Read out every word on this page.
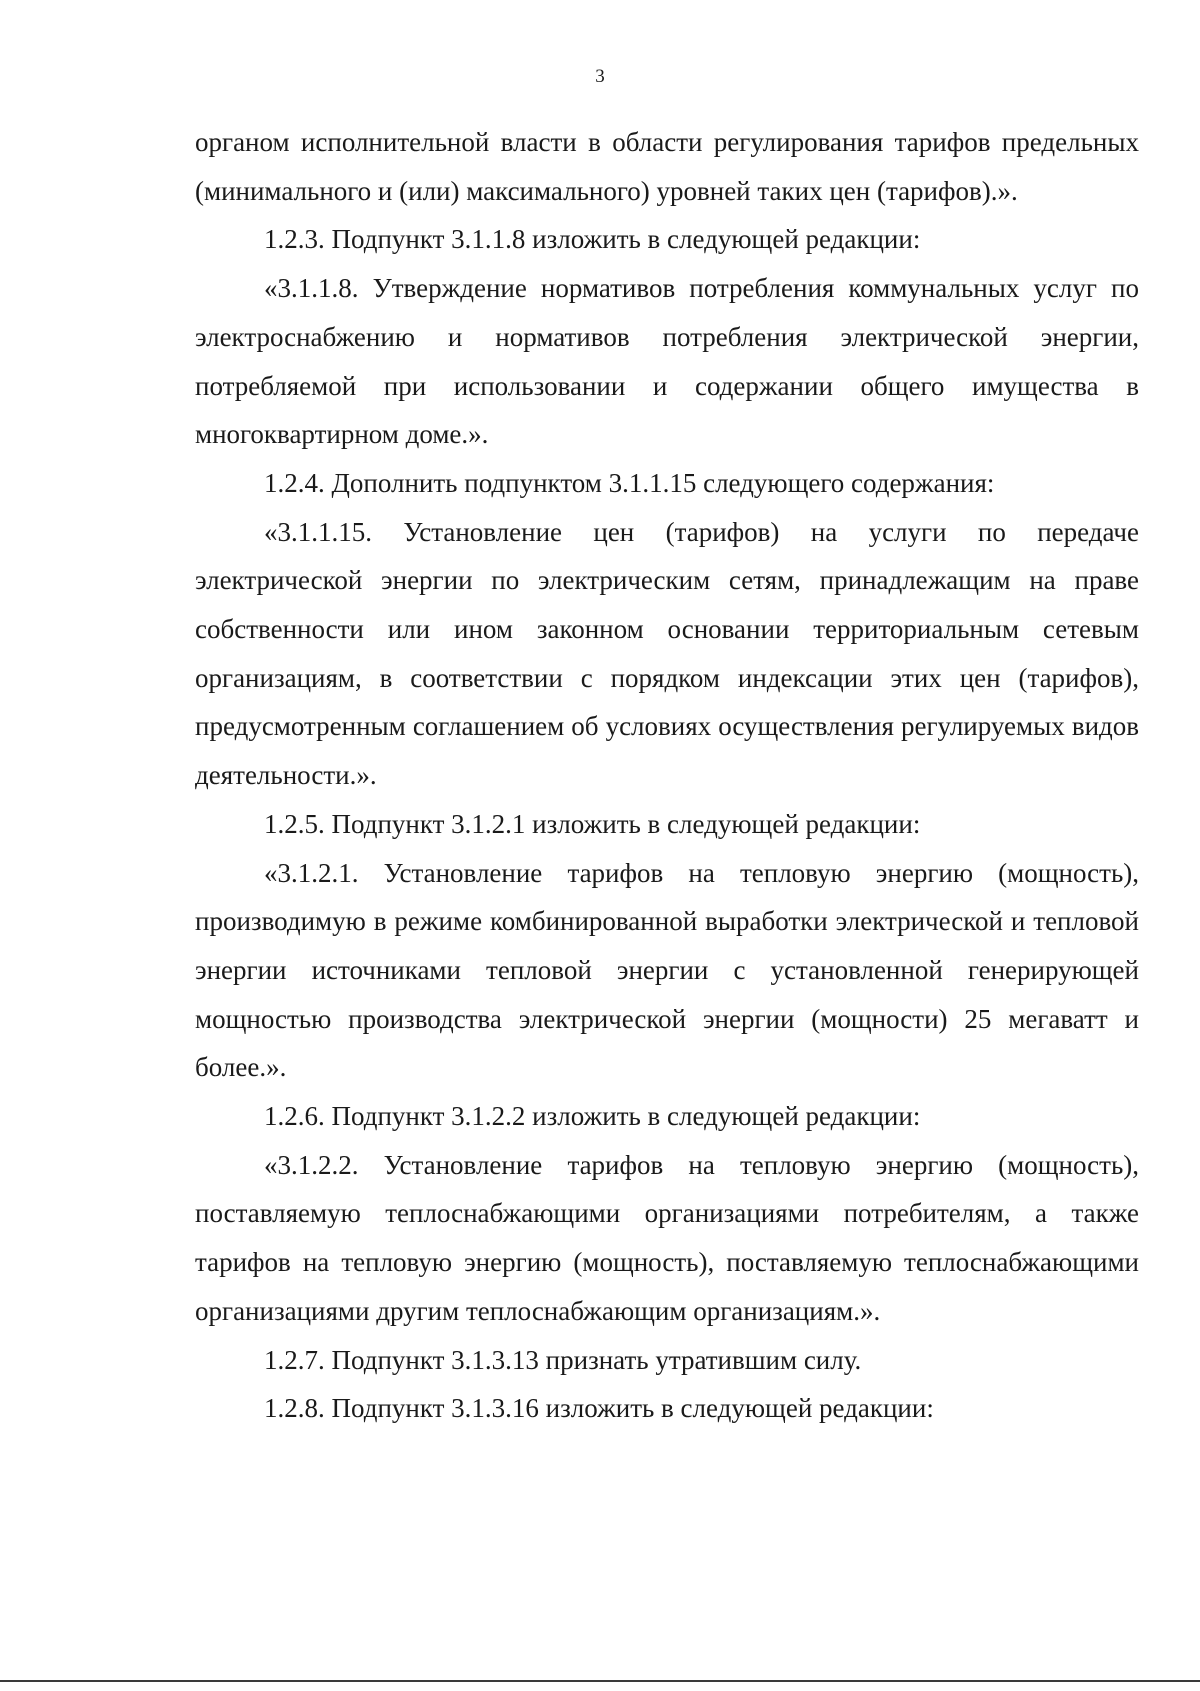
3

органом исполнительной власти в области регулирования тарифов предельных (минимального и (или) максимального) уровней таких цен (тарифов).».

1.2.3. Подпункт 3.1.1.8 изложить в следующей редакции:

«3.1.1.8. Утверждение нормативов потребления коммунальных услуг по электроснабжению и нормативов потребления электрической энергии, потребляемой при использовании и содержании общего имущества в многоквартирном доме.».

1.2.4. Дополнить подпунктом 3.1.1.15 следующего содержания:

«3.1.1.15. Установление цен (тарифов) на услуги по передаче электрической энергии по электрическим сетям, принадлежащим на праве собственности или ином законном основании территориальным сетевым организациям, в соответствии с порядком индексации этих цен (тарифов), предусмотренным соглашением об условиях осуществления регулируемых видов деятельности.».

1.2.5. Подпункт 3.1.2.1 изложить в следующей редакции:

«3.1.2.1. Установление тарифов на тепловую энергию (мощность), производимую в режиме комбинированной выработки электрической и тепловой энергии источниками тепловой энергии с установленной генерирующей мощностью производства электрической энергии (мощности) 25 мегаватт и более.».

1.2.6. Подпункт 3.1.2.2 изложить в следующей редакции:

«3.1.2.2. Установление тарифов на тепловую энергию (мощность), поставляемую теплоснабжающими организациями потребителям, а также тарифов на тепловую энергию (мощность), поставляемую теплоснабжающими организациями другим теплоснабжающим организациям.».

1.2.7. Подпункт 3.1.3.13 признать утратившим силу.

1.2.8. Подпункт 3.1.3.16 изложить в следующей редакции:
